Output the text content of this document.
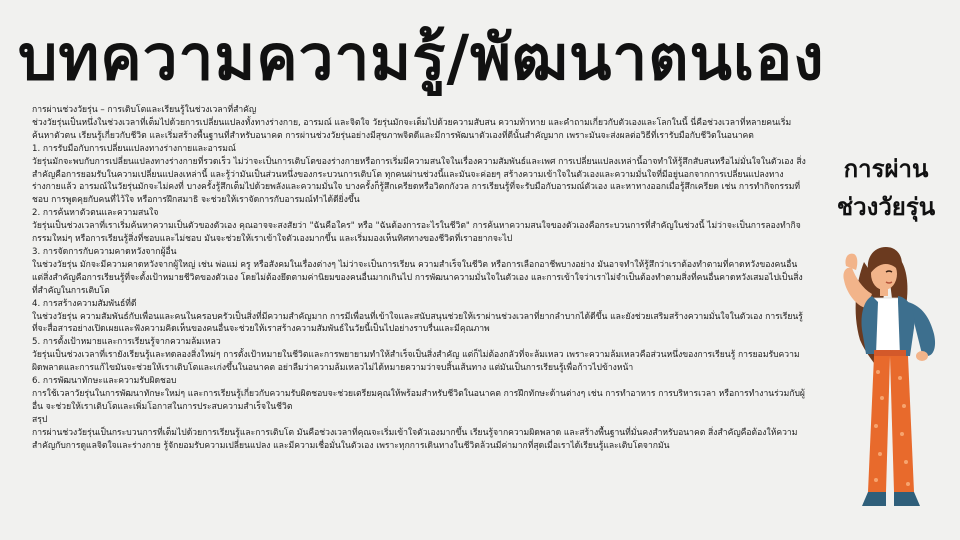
บทความความรู้/พัฒนาตนเอง

การผ่านช่วงวัยรุ่น – การเติบโตและเรียนรู้ในช่วงเวลาที่สำคัญ

ช่วงวัยรุ่นเป็นหนึ่งในช่วงเวลาที่เต็มไปด้วยการเปลี่ยนแปลงทั้งทางร่างกาย, อารมณ์ และจิตใจ วัยรุ่นมักจะเต็มไปด้วยความสับสน ความท้าทาย และคำถามเกี่ยวกับตัวเองและโลกในนี้ นี่คือช่วงเวลาที่หลายคนเริ่มค้นหาตัวตน เรียนรู้เกี่ยวกับชีวิต และเริ่มสร้างพื้นฐานที่สำหรับอนาคต การผ่านช่วงวัยรุ่นอย่างมีสุขภาพจิตดีและมีการพัฒนาตัวเองที่ดีนั้นสำคัญมาก เพราะมันจะส่งผลต่อวิธีที่เรารับมือกับชีวิตในอนาคต

1. การรับมือกับการเปลี่ยนแปลงทางร่างกายและอารมณ์

วัยรุ่นมักจะพบกับการเปลี่ยนแปลงทางร่างกายที่รวดเร็ว ไม่ว่าจะเป็นการเติบโตของร่างกายหรือการเริ่มมีความสนใจในเรื่องความสัมพันธ์และเพศ การเปลี่ยนแปลงเหล่านี้อาจทำให้รู้สึกสับสนหรือไม่มั่นใจในตัวเอง สิ่งสำคัญคือการยอมรับในความเปลี่ยนแปลงเหล่านี้ และรู้ว่ามันเป็นส่วนหนึ่งของกระบวนการเติบโต ทุกคนผ่านช่วงนี้และมันจะค่อยๆ สร้างความเข้าใจในตัวเองและความมั่นใจที่มีอยู่นอกจากการเปลี่ยนแปลงทางร่างกายแล้ว อารมณ์ในวัยรุ่นมักจะไม่คงที่ บางครั้งรู้สึกเต็มไปด้วยพลังและความมั่นใจ บางครั้งก็รู้สึกเครียดหรือวิตกกังวล การเรียนรู้ที่จะรับมือกับอารมณ์ตัวเอง และหาทางออกเมื่อรู้สึกเครียด เช่น การทำกิจกรรมที่ชอบ การพูดคุยกับคนที่ไว้ใจ หรือการฝึกสมาธิ จะช่วยให้เราจัดการกับอารมณ์ทำได้ดียิ่งขึ้น

2. การค้นหาตัวตนและความสนใจ

วัยรุ่นเป็นช่วงเวลาที่เราเริ่มค้นหาความเป็นตัวของตัวเอง คุณอาจจะสงสัยว่า "ฉันคือใคร" หรือ "ฉันต้องการอะไรในชีวิต" การค้นหาความสนใจของตัวเองคือกระบวนการที่สำคัญในช่วงนี้ ไม่ว่าจะเป็นการลองทำกิจกรรมใหม่ๆ หรือการเรียนรู้สิ่งที่ชอบและไม่ชอบ มันจะช่วยให้เราเข้าใจตัวเองมากขึ้น และเริ่มมองเห็นทิศทางของชีวิตที่เราอยากจะไป

3. การจัดการกับความคาดหวังจากผู้อื่น

ในช่วงวัยรุ่น มักจะมีความคาดหวังจากผู้ใหญ่ เช่น พ่อแม่ ครู หรือสังคมในเรื่องต่างๆ ไม่ว่าจะเป็นการเรียน ความสำเร็จในชีวิต หรือการเลือกอาชีพบางอย่าง มันอาจทำให้รู้สึกว่าเราต้องทำตามที่คาดหวังของคนอื่น แต่สิ่งสำคัญคือการเรียนรู้ที่จะตั้งเป้าหมายชีวิตของตัวเอง โดยไม่ต้องยึดตามค่านิยมของคนอื่นมากเกินไป การพัฒนาความมั่นใจในตัวเอง และการเข้าใจว่าเราไม่จำเป็นต้องทำตามสิ่งที่คนอื่นคาดหวังเสมอไปเป็นสิ่งที่สำคัญในการเติบโต

4. การสร้างความสัมพันธ์ที่ดี

ในช่วงวัยรุ่น ความสัมพันธ์กับเพื่อนและคนในครอบครัวเป็นสิ่งที่มีความสำคัญมาก การมีเพื่อนที่เข้าใจและสนับสนุนช่วยให้เราผ่านช่วงเวลาที่ยากลำบากได้ดีขึ้น และยังช่วยเสริมสร้างความมั่นใจในตัวเอง การเรียนรู้ที่จะสื่อสารอย่างเปิดเผยและฟังความคิดเห็นของคนอื่นจะช่วยให้เราสร้างความสัมพันธ์ในวัยนี้เป็นไปอย่างราบรื่นและมีคุณภาพ

5. การตั้งเป้าหมายและการเรียนรู้จากความล้มเหลว

วัยรุ่นเป็นช่วงเวลาที่เรายังเรียนรู้และทดลองสิ่งใหม่ๆ การตั้งเป้าหมายในชีวิตและการพยายามทำให้สำเร็จเป็นสิ่งสำคัญ แต่ก็ไม่ต้องกลัวที่จะล้มเหลว เพราะความล้มเหลวคือส่วนหนึ่งของการเรียนรู้ การยอมรับความผิดพลาดและการแก้ไขมันจะช่วยให้เราเติบโตและเก่งขึ้นในอนาคต อย่าลืมว่าความล้มเหลวไม่ได้หมายความว่าจบสิ้นเส้นทาง แต่มันเป็นการเรียนรู้เพื่อก้าวไปข้างหน้า

6. การพัฒนาทักษะและความรับผิดชอบ

การใช้เวลาวัยรุ่นในการพัฒนาทักษะใหม่ๆ และการเรียนรู้เกี่ยวกับความรับผิดชอบจะช่วยเตรียมคุณให้พร้อมสำหรับชีวิตในอนาคต การฝึกทักษะด้านต่างๆ เช่น การทำอาหาร การบริหารเวลา หรือการทำงานร่วมกับผู้อื่น จะช่วยให้เราเติบโตและเพิ่มโอกาสในการประสบความสำเร็จในชีวิต

สรุป

การผ่านช่วงวัยรุ่นเป็นกระบวนการที่เต็มไปด้วยการเรียนรู้และการเติบโต มันคือช่วงเวลาที่คุณจะเริ่มเข้าใจตัวเองมากขึ้น เรียนรู้จากความผิดพลาด และสร้างพื้นฐานที่มั่นคงสำหรับอนาคต สิ่งสำคัญคือต้องให้ความสำคัญกับการดูแลจิตใจและร่างกาย รู้จักยอมรับความเปลี่ยนแปลง และมีความเชื่อมั่นในตัวเอง เพราะทุกการเดินทางในชีวิตล้วนมีค่ามากที่สุดเมื่อเราได้เรียนรู้และเติบโตจากมัน

การผ่าน
ช่วงวัยรุ่น
